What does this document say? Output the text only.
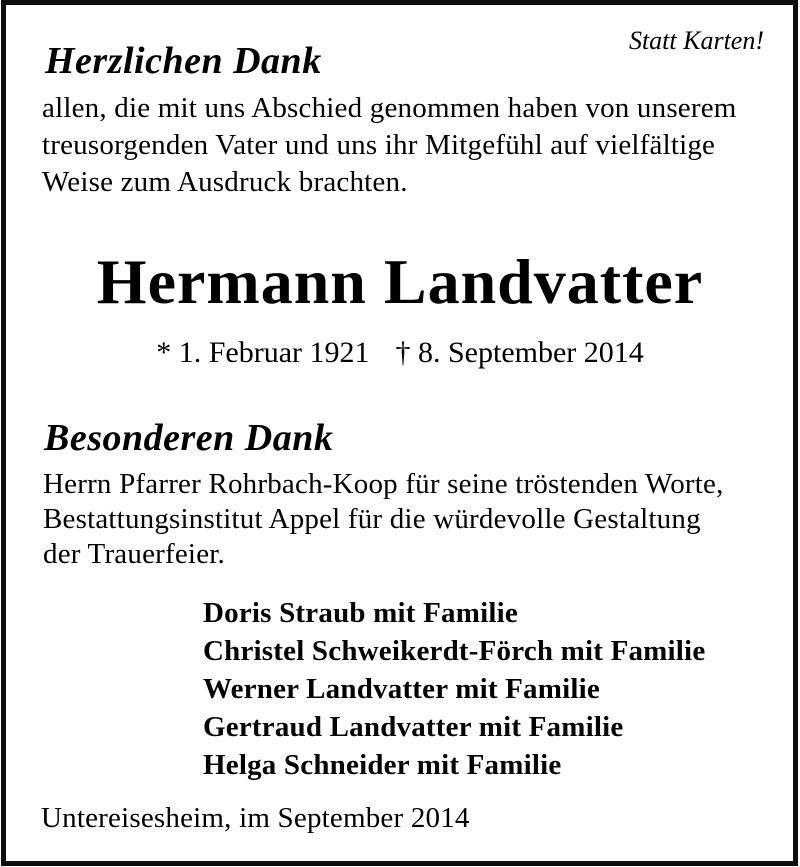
Statt Karten!
Herzlichen Dank
allen, die mit uns Abschied genommen haben von unserem
treusorgenden Vater und uns ihr Mitgefühl auf vielfältige
Weise zum Ausdruck brachten.
Hermann Landvatter
* 1. Februar 1921 † 8. September 2014
Besonderen Dank
Herrn Pfarrer Rohrbach-Koop für seine tröstenden Worte,
Bestattungsinstitut Appel für die würdevolle Gestaltung
der Trauerfeier.
Doris Straub mit Familie
Christel Schweikerdt-Förch mit Familie
Werner Landvatter mit Familie
Gertraud Landvatter mit Familie
Helga Schneider mit Familie
Untereisesheim, im September 2014
